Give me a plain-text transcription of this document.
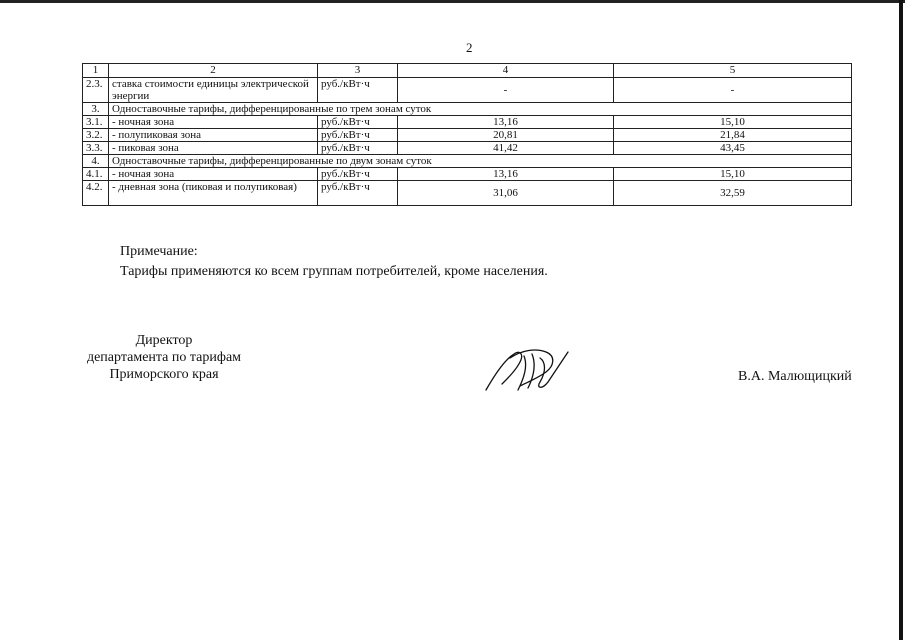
2
1	2	3	4	5
2.3.	ставка стоимости единицы электрической энергии	руб./кВт·ч	-	-
3.	Одноставочные тарифы, дифференцированные по трем зонам суток			
3.1.	- ночная зона	руб./кВт·ч	13,16	15,10
3.2.	- полупиковая зона	руб./кВт·ч	20,81	21,84
3.3.	- пиковая зона	руб./кВт·ч	41,42	43,45
4.	Одноставочные тарифы, дифференцированные по двум зонам суток			
4.1.	- ночная зона	руб./кВт·ч	13,16	15,10
4.2.	- дневная зона (пиковая и полупиковая)	руб./кВт·ч	31,06	32,59
Примечание:
Тарифы применяются ко всем группам потребителей, кроме населения.
Директор
департамента по тарифам
Приморского края	В.А. Малющицкий
